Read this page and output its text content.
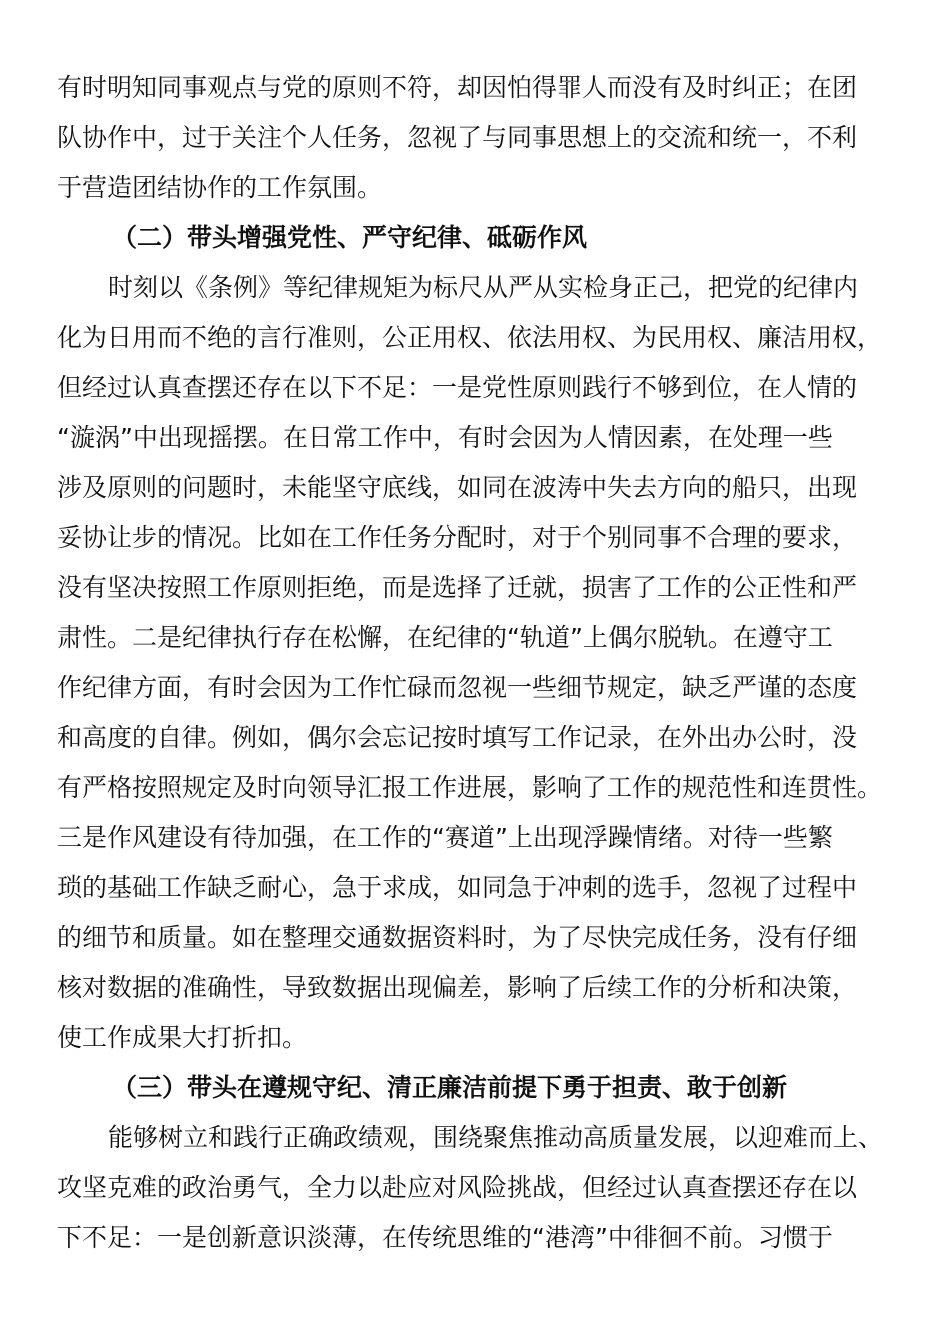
有时明知同事观点与党的原则不符，却因怕得罪人而没有及时纠正；在团
队协作中，过于关注个人任务，忽视了与同事思想上的交流和统一，不利
于营造团结协作的工作氛围。
（二）带头增强党性、严守纪律、砥砺作风
时刻以《条例》等纪律规矩为标尺从严从实检身正己，把党的纪律内
化为日用而不绝的言行准则，公正用权、依法用权、为民用权、廉洁用权，
但经过认真查摆还存在以下不足：一是党性原则践行不够到位，在人情的
“漩涡”中出现摇摆。在日常工作中，有时会因为人情因素，在处理一些
涉及原则的问题时，未能坚守底线，如同在波涛中失去方向的船只，出现
妥协让步的情况。比如在工作任务分配时，对于个别同事不合理的要求，
没有坚决按照工作原则拒绝，而是选择了迁就，损害了工作的公正性和严
肃性。二是纪律执行存在松懈，在纪律的“轨道”上偶尔脱轨。在遵守工
作纪律方面，有时会因为工作忙碌而忽视一些细节规定，缺乏严谨的态度
和高度的自律。例如，偶尔会忘记按时填写工作记录，在外出办公时，没
有严格按照规定及时向领导汇报工作进展，影响了工作的规范性和连贯性。
三是作风建设有待加强，在工作的“赛道”上出现浮躁情绪。对待一些繁
琐的基础工作缺乏耐心，急于求成，如同急于冲刺的选手，忽视了过程中
的细节和质量。如在整理交通数据资料时，为了尽快完成任务，没有仔细
核对数据的准确性，导致数据出现偏差，影响了后续工作的分析和决策，
使工作成果大打折扣。
（三）带头在遵规守纪、清正廉洁前提下勇于担责、敢于创新
能够树立和践行正确政绩观，围绕聚焦推动高质量发展，以迎难而上、
攻坚克难的政治勇气，全力以赴应对风险挑战，但经过认真查摆还存在以
下不足：一是创新意识淡薄，在传统思维的“港湾”中徘徊不前。习惯于
